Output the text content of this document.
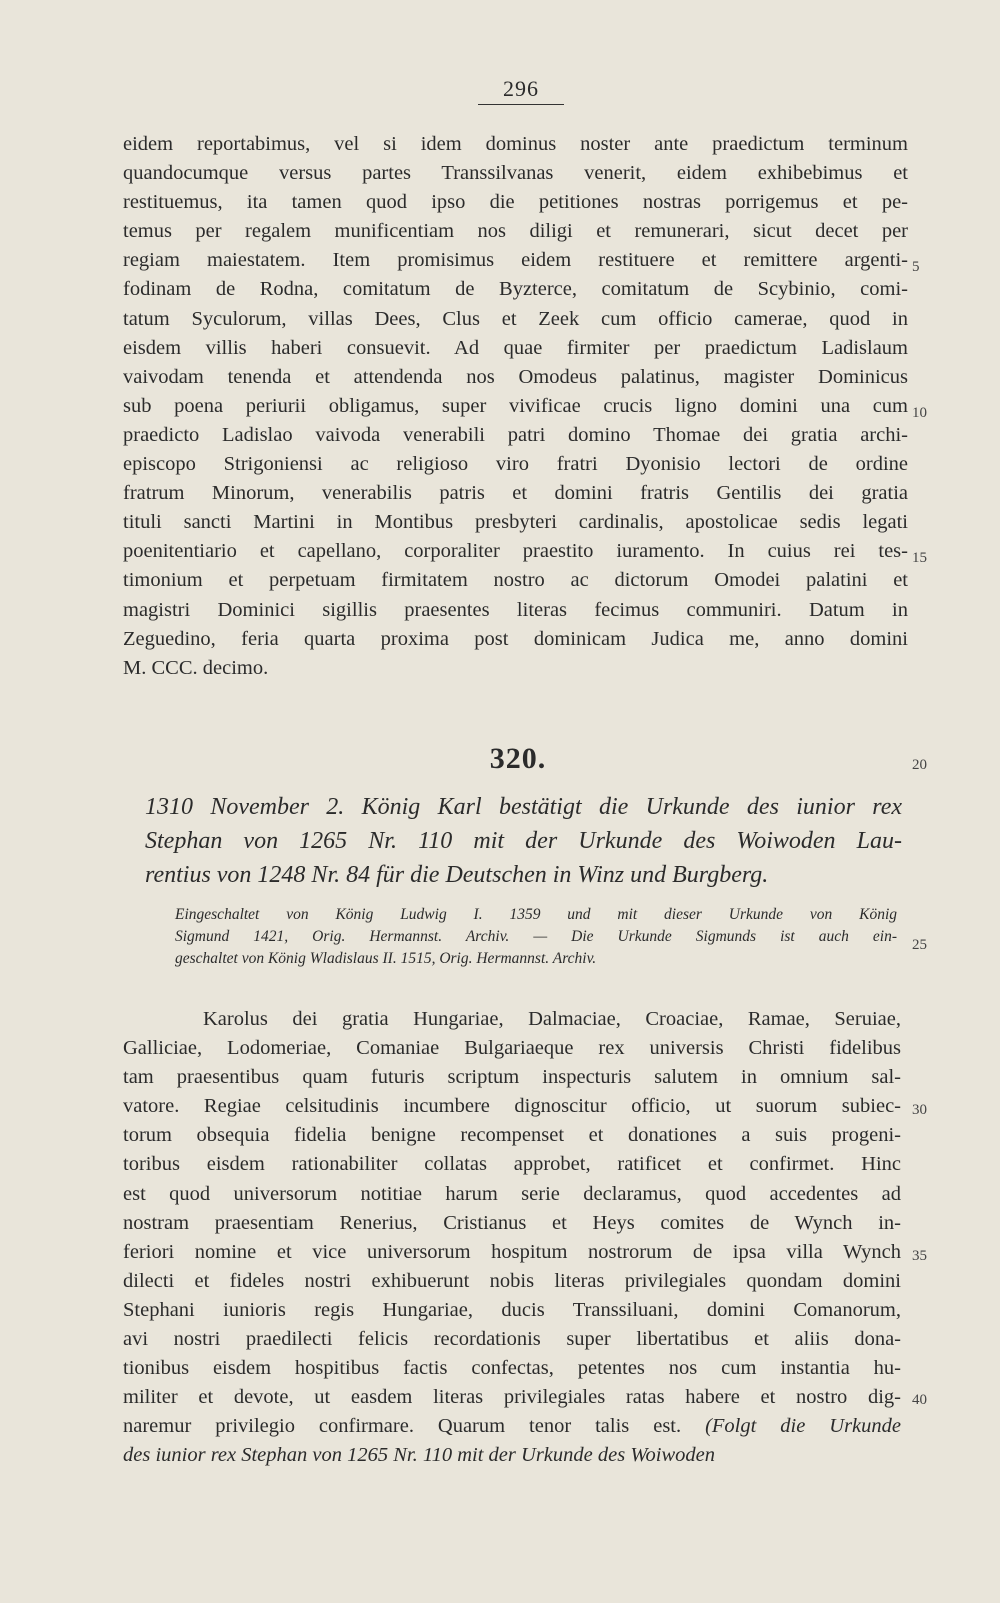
296
eidem reportabimus, vel si idem dominus noster ante praedictum terminum
quandocumque versus partes Transsilvanas venerit, eidem exhibebimus et
restituemus, ita tamen quod ipso die petitiones nostras porrigemus et pe-
temus per regalem munificentiam nos diligi et remunerari, sicut decet per
regiam maiestatem. Item promisimus eidem restituere et remittere argenti-
fodinam de Rodna, comitatum de Byzterce, comitatum de Scybinio, comi-
tatum Syculorum, villas Dees, Clus et Zeek cum officio camerae, quod in
eisdem villis haberi consuevit. Ad quae firmiter per praedictum Ladislaum
vaivodam tenenda et attendenda nos Omodeus palatinus, magister Dominicus
sub poena periurii obligamus, super vivificae crucis ligno domini una cum
praedicto Ladislao vaivoda venerabili patri domino Thomae dei gratia archi-
episcopo Strigoniensi ac religioso viro fratri Dyonisio lectori de ordine
fratrum Minorum, venerabilis patris et domini fratris Gentilis dei gratia
tituli sancti Martini in Montibus presbyteri cardinalis, apostolicae sedis legati
poenitentiario et capellano, corporaliter praestito iuramento. In cuius rei tes-
timonium et perpetuam firmitatem nostro ac dictorum Omodei palatini et
magistri Dominici sigillis praesentes literas fecimus communiri. Datum in
Zeguedino, feria quarta proxima post dominicam Judica me, anno domini
M. CCC. decimo.
320.
1310 November 2. König Karl bestätigt die Urkunde des iunior rex
Stephan von 1265 Nr. 110 mit der Urkunde des Woiwoden Lau-
rentius von 1248 Nr. 84 für die Deutschen in Winz und Burgberg.
Eingeschaltet von König Ludwig I. 1359 und mit dieser Urkunde von König
Sigmund 1421, Orig. Hermannst. Archiv. — Die Urkunde Sigmunds ist auch ein-
geschaltet von König Wladislaus II. 1515, Orig. Hermannst. Archiv.
Karolus dei gratia Hungariae, Dalmaciae, Croaciae, Ramae, Seruiae,
Galliciae, Lodomeriae, Comaniae Bulgariaeque rex universis Christi fidelibus
tam praesentibus quam futuris scriptum inspecturis salutem in omnium sal-
vatore. Regiae celsitudinis incumbere dignoscitur officio, ut suorum subiec-
torum obsequia fidelia benigne recompenset et donationes a suis progeni-
toribus eisdem rationabiliter collatas approbet, ratificet et confirmet. Hinc
est quod universorum notitiae harum serie declaramus, quod accedentes ad
nostram praesentiam Renerius, Cristianus et Heys comites de Wynch in-
feriori nomine et vice universorum hospitum nostrorum de ipsa villa Wynch
dilecti et fideles nostri exhibuerunt nobis literas privilegiales quondam domini
Stephani iunioris regis Hungariae, ducis Transsiluani, domini Comanorum,
avi nostri praedilecti felicis recordationis super libertatibus et aliis dona-
tionibus eisdem hospitibus factis confectas, petentes nos cum instantia hu-
militer et devote, ut easdem literas privilegiales ratas habere et nostro dig-
naremur privilegio confirmare. Quarum tenor talis est. (Folgt die Urkunde
des iunior rex Stephan von 1265 Nr. 110 mit der Urkunde des Woiwoden
5
10
15
20
25
30
35
40
